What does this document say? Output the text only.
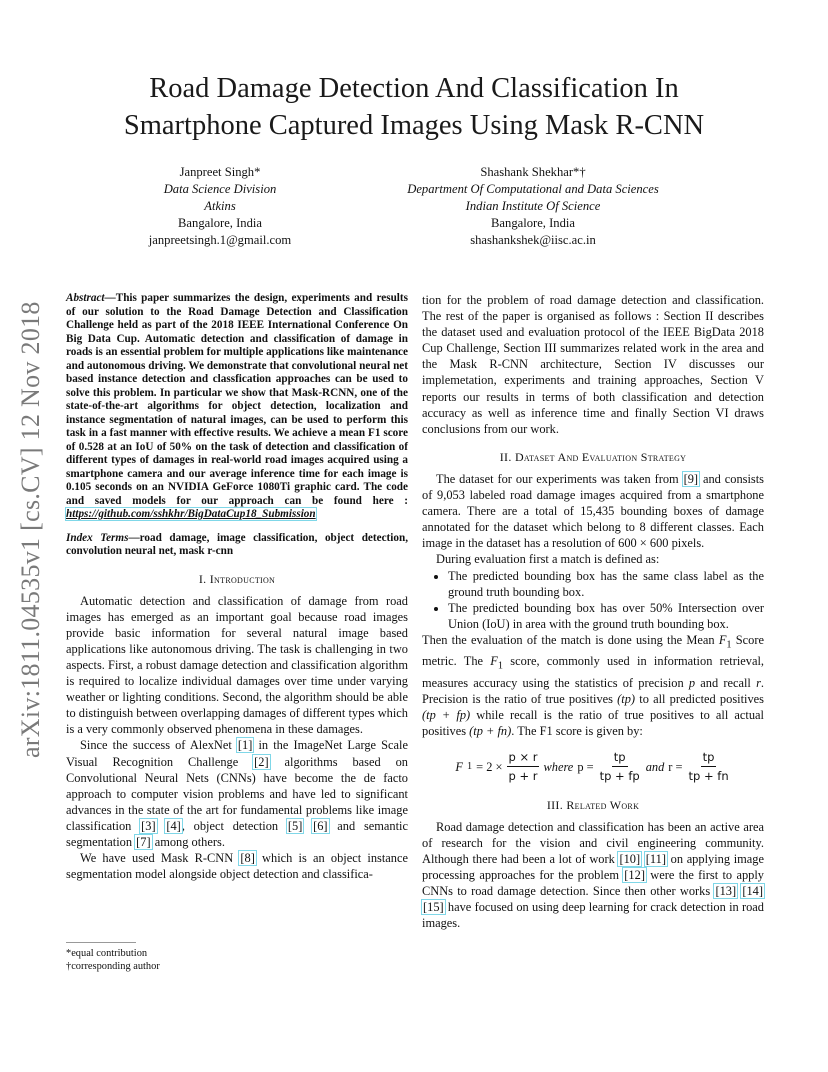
Road Damage Detection And Classification In
Smartphone Captured Images Using Mask R-CNN
Janpreet Singh*
Data Science Division
Atkins
Bangalore, India
janpreetsingh.1@gmail.com
Shashank Shekhar*†
Department Of Computational and Data Sciences
Indian Institute Of Science
Bangalore, India
shashankshek@iisc.ac.in
arXiv:1811.04535v1 [cs.CV] 12 Nov 2018

Abstract—This paper summarizes the design, experiments and results of our solution to the Road Damage Detection and Classification Challenge held as part of the 2018 IEEE International Conference On Big Data Cup. Automatic detection and classification of damage in roads is an essential problem for multiple applications like maintenance and autonomous driving. We demonstrate that convolutional neural net based instance detection and classfication approaches can be used to solve this problem. In particular we show that Mask-RCNN, one of the state-of-the-art algorithms for object detection, localization and instance segmentation of natural images, can be used to perform this task in a fast manner with effective results. We achieve a mean F1 score of 0.528 at an IoU of 50% on the task of detection and classification of different types of damages in real-world road images acquired using a smartphone camera and our average inference time for each image is 0.105 seconds on an NVIDIA GeForce 1080Ti graphic card. The code and saved models for our approach can be found here : https://github.com/sshkhr/BigDataCup18_Submission

Index Terms—road damage, image classification, object detection, convolution neural net, mask r-cnn

I. Introduction

Automatic detection and classification of damage from road images has emerged as an important goal because road images provide basic information for several natural image based applications like autonomous driving. The task is challenging in two aspects. First, a robust damage detection and classification algorithm is required to localize individual damages over time under varying weather or lighting conditions. Second, the algorithm should be able to distinguish between overlapping damages of different types which is a very commonly observed phenomena in these damages.

Since the success of AlexNet [1] in the ImageNet Large Scale Visual Recognition Challenge [2] algorithms based on Convolutional Neural Nets (CNNs) have become the de facto approach to computer vision problems and have led to significant advances in the state of the art for fundamental problems like image classification [3] [4], object detection [5] [6] and semantic segmentation [7] among others.

We have used Mask R-CNN [8] which is an object instance segmentation model alongside object detection and classifica-

*equal contribution
†corresponding author

tion for the problem of road damage detection and classification. The rest of the paper is organised as follows : Section II describes the dataset used and evaluation protocol of the IEEE BigData 2018 Cup Challenge, Section III summarizes related work in the area and the Mask R-CNN architecture, Section IV discusses our implemetation, experiments and training approaches, Section V reports our results in terms of both classification and detection accuracy as well as inference time and finally Section VI draws conclusions from our work.

II. Dataset And Evaluation Strategy

The dataset for our experiments was taken from [9] and consists of 9,053 labeled road damage images acquired from a smartphone camera. There are a total of 15,435 bounding boxes of damage annotated for the dataset which belong to 8 different classes. Each image in the dataset has a resolution of 600 × 600 pixels.

During evaluation first a match is defined as:

• The predicted bounding box has the same class label as the ground truth bounding box.
• The predicted bounding box has over 50% Intersection over Union (IoU) in area with the ground truth bounding box.

Then the evaluation of the match is done using the Mean $F_1$ Score metric. The $F_1$ score, commonly used in information retrieval, measures accuracy using the statistics of precision p and recall r. Precision is the ratio of true positives (tp) to all predicted positives (tp + fp) while recall is the ratio of true positives to all actual positives (tp + fn). The F1 score is given by:

F $1 = 2 \times \frac{p \times r}{p + r}$ where $p = \frac{tp}{tp + fp}$ and $r = \frac{tp}{tp + fn}$
III. Related Work

Road damage detection and classification has been an active area of research for the vision and civil engineering community. Although there had been a lot of work [10] [11] on applying image processing approaches for the problem [12] were the first to apply CNNs to road damage detection. Since then other works [13] [14] [15] have focused on using deep learning for crack detection in road images.
